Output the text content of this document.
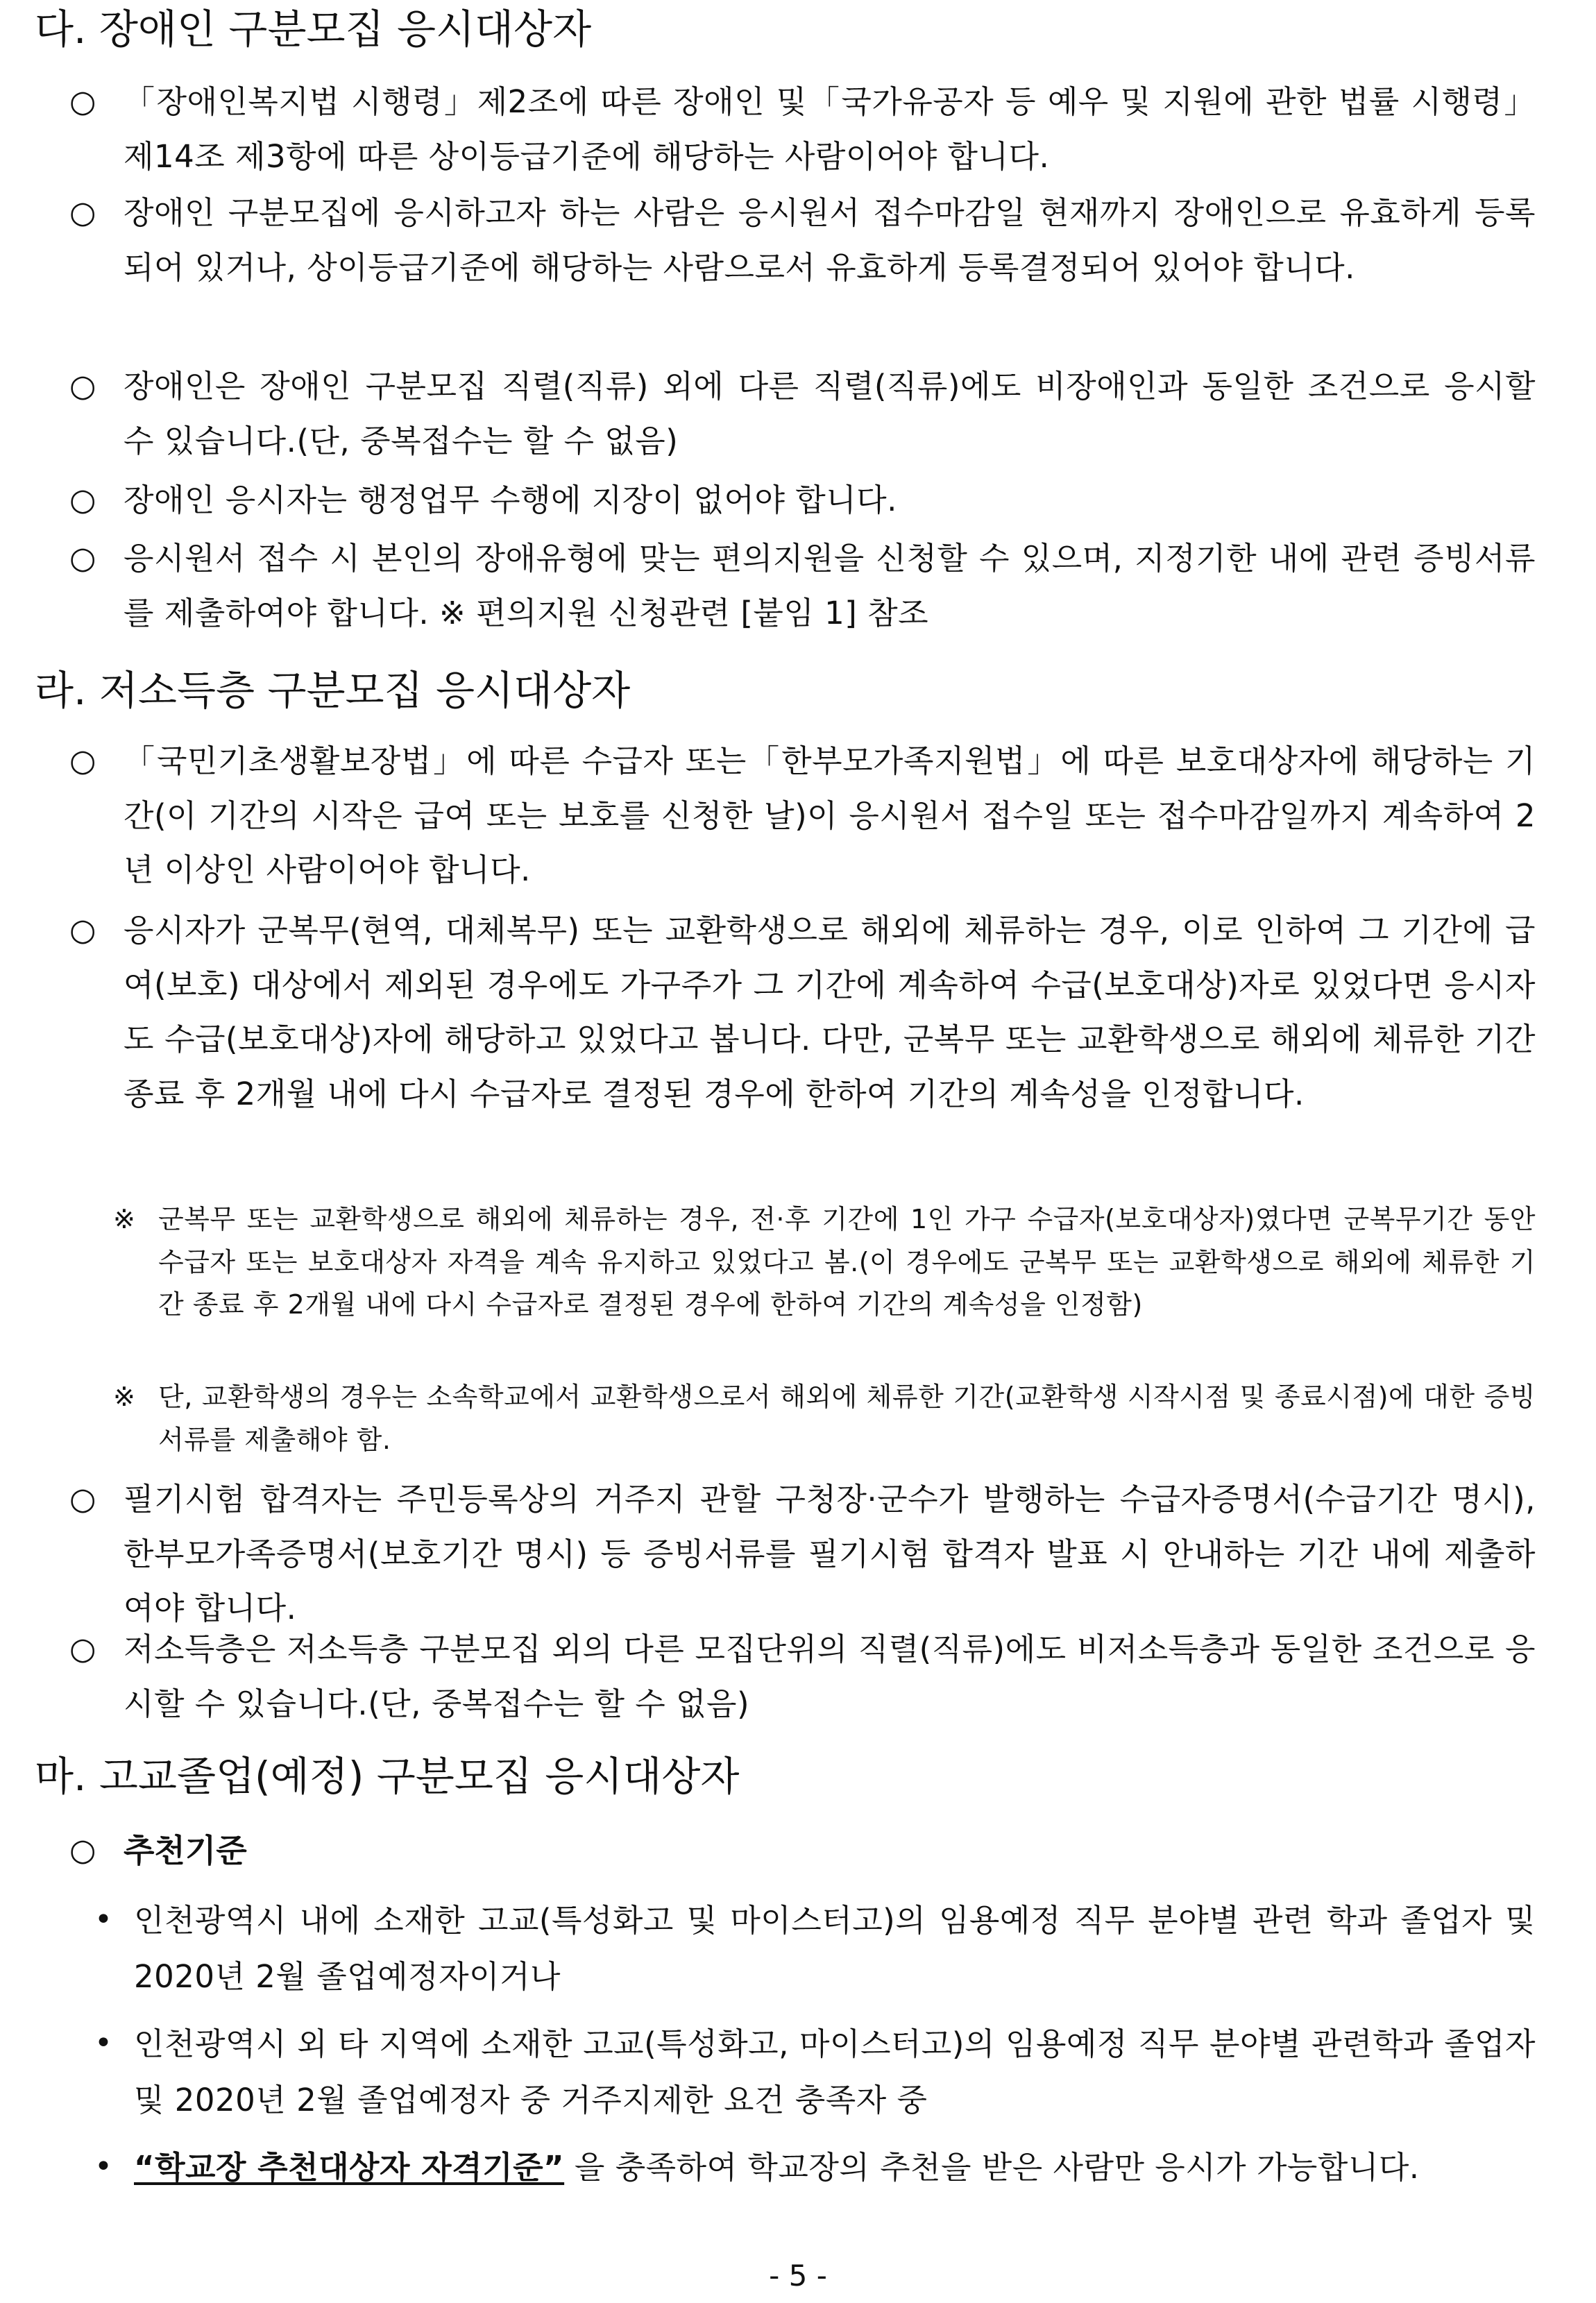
다. 장애인 구분모집 응시대상자
○ 「장애인복지법 시행령」제2조에 따른 장애인 및「국가유공자 등 예우 및 지원에 관한 법률 시행령」제14조 제3항에 따른 상이등급기준에 해당하는 사람이어야 합니다.

○ 장애인 구분모집에 응시하고자 하는 사람은 응시원서 접수마감일 현재까지 장애인으로 유효하게 등록되어 있거나, 상이등급기준에 해당하는 사람으로서 유효하게 등록결정되어 있어야 합니다.

○ 장애인은 장애인 구분모집 직렬(직류) 외에 다른 직렬(직류)에도 비장애인과 동일한 조건으로 응시할 수 있습니다.(단, 중복접수는 할 수 없음)

○ 장애인 응시자는 행정업무 수행에 지장이 없어야 합니다.

○ 응시원서 접수 시 본인의 장애유형에 맞는 편의지원을 신청할 수 있으며, 지정기한 내에 관련 증빙서류를 제출하여야 합니다. ※ 편의지원 신청관련 [붙임 1] 참조

라. 저소득층 구분모집 응시대상자
○ 「국민기초생활보장법」에 따른 수급자 또는「한부모가족지원법」에 따른 보호대상자에 해당하는 기간(이 기간의 시작은 급여 또는 보호를 신청한 날)이 응시원서 접수일 또는 접수마감일까지 계속하여 2년 이상인 사람이어야 합니다.

○ 응시자가 군복무(현역, 대체복무) 또는 교환학생으로 해외에 체류하는 경우, 이로 인하여 그 기간에 급여(보호) 대상에서 제외된 경우에도 가구주가 그 기간에 계속하여 수급(보호대상)자로 있었다면 응시자도 수급(보호대상)자에 해당하고 있었다고 봅니다. 다만, 군복무 또는 교환학생으로 해외에 체류한 기간 종료 후 2개월 내에 다시 수급자로 결정된 경우에 한하여 기간의 계속성을 인정합니다.

※ 군복무 또는 교환학생으로 해외에 체류하는 경우, 전·후 기간에 1인 가구 수급자(보호대상자)였다면 군복무기간 동안 수급자 또는 보호대상자 자격을 계속 유지하고 있었다고 봄.(이 경우에도 군복무 또는 교환학생으로 해외에 체류한 기간 종료 후 2개월 내에 다시 수급자로 결정된 경우에 한하여 기간의 계속성을 인정함)

※ 단, 교환학생의 경우는 소속학교에서 교환학생으로서 해외에 체류한 기간(교환학생 시작시점 및 종료시점)에 대한 증빙서류를 제출해야 함.

○ 필기시험 합격자는 주민등록상의 거주지 관할 구청장·군수가 발행하는 수급자증명서(수급기간 명시), 한부모가족증명서(보호기간 명시) 등 증빙서류를 필기시험 합격자 발표 시 안내하는 기간 내에 제출하여야 합니다.

○ 저소득층은 저소득층 구분모집 외의 다른 모집단위의 직렬(직류)에도 비저소득층과 동일한 조건으로 응시할 수 있습니다.(단, 중복접수는 할 수 없음)

마. 고교졸업(예정) 구분모집 응시대상자
○ 추천기준

• 인천광역시 내에 소재한 고교(특성화고 및 마이스터고)의 임용예정 직무 분야별 관련 학과 졸업자 및 2020년 2월 졸업예정자이거나

• 인천광역시 외 타 지역에 소재한 고교(특성화고, 마이스터고)의 임용예정 직무 분야별 관련학과 졸업자 및 2020년 2월 졸업예정자 중 거주지제한 요건 충족자 중

• “학교장 추천대상자 자격기준” 을 충족하여 학교장의 추천을 받은 사람만 응시가 가능합니다.

- 5 -
